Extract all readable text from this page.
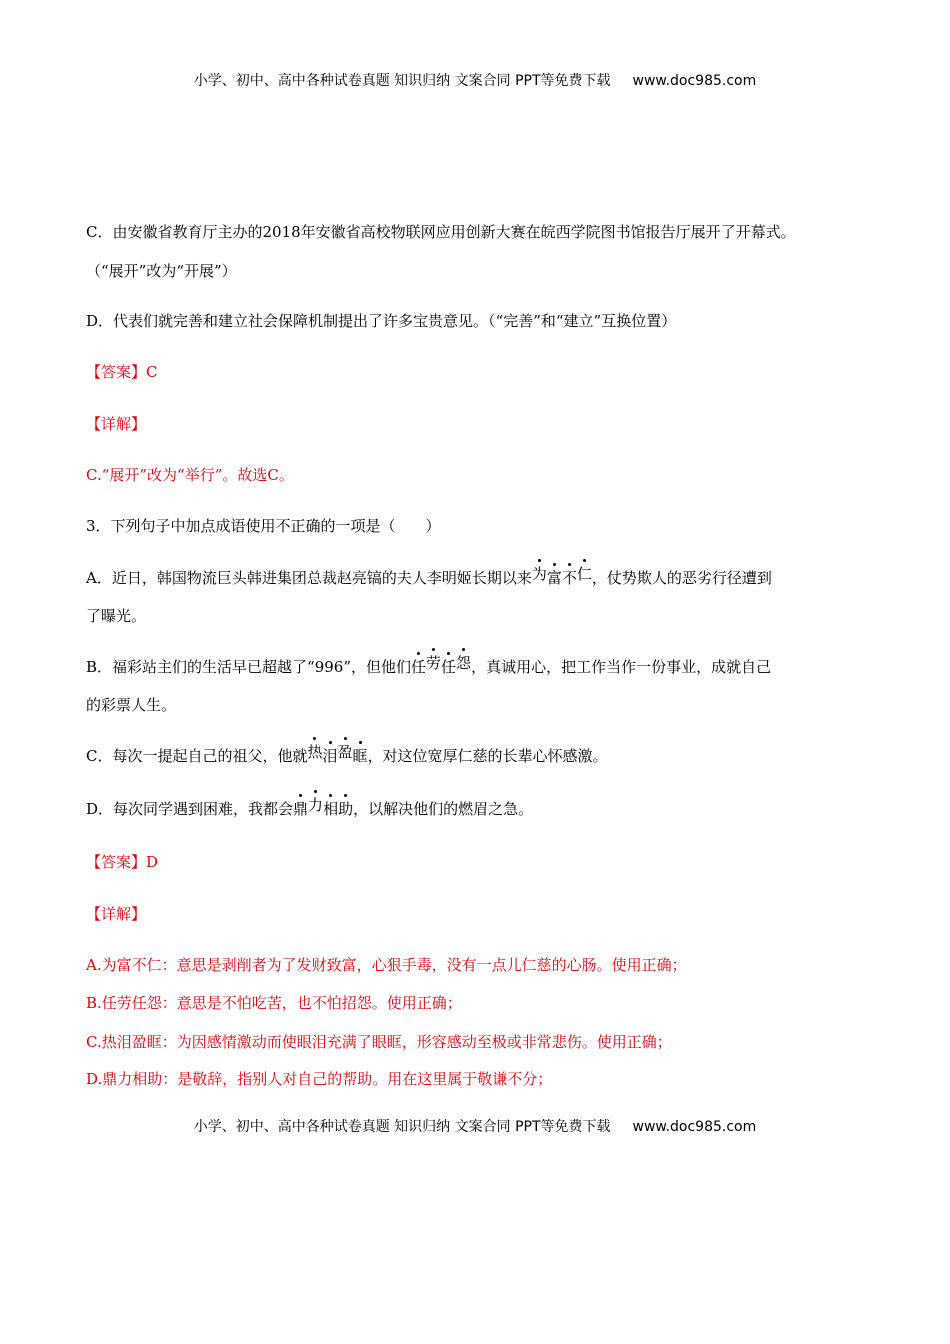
小学、初中、高中各种试卷真题 知识归纳 文案合同 PPT等免费下载 www.doc985.com
C．由安徽省教育厅主办的2018年安徽省高校物联网应用创新大赛在皖西学院图书馆报告厅展开了开幕式。
（“展开”改为“开展”）
D．代表们就完善和建立社会保障机制提出了许多宝贵意见。（“完善”和“建立”互换位置）
【答案】C
【详解】
C.“展开”改为“举行”。故选C。
3．下列句子中加点成语使用不正确的一项是（　　）
A．近日，韩国物流巨头韩进集团总裁赵亮镐的夫人李明姬长期以来为富不仁，仗势欺人的恶劣行径遭到
了曝光。
B．福彩站主们的生活早已超越了“996”，但他们任劳任怨，真诚用心，把工作当作一份事业，成就自己
的彩票人生。
C．每次一提起自己的祖父，他就热泪盈眶，对这位宽厚仁慈的长辈心怀感激。
D．每次同学遇到困难，我都会鼎力相助，以解决他们的燃眉之急。
【答案】D
【详解】
A.为富不仁：意思是剥削者为了发财致富，心狠手毒，没有一点儿仁慈的心肠。使用正确；
B.任劳任怨：意思是不怕吃苦，也不怕招怨。使用正确；
C.热泪盈眶：为因感情激动而使眼泪充满了眼眶，形容感动至极或非常悲伤。使用正确；
D.鼎力相助：是敬辞，指别人对自己的帮助。用在这里属于敬谦不分；
小学、初中、高中各种试卷真题 知识归纳 文案合同 PPT等免费下载 www.doc985.com
